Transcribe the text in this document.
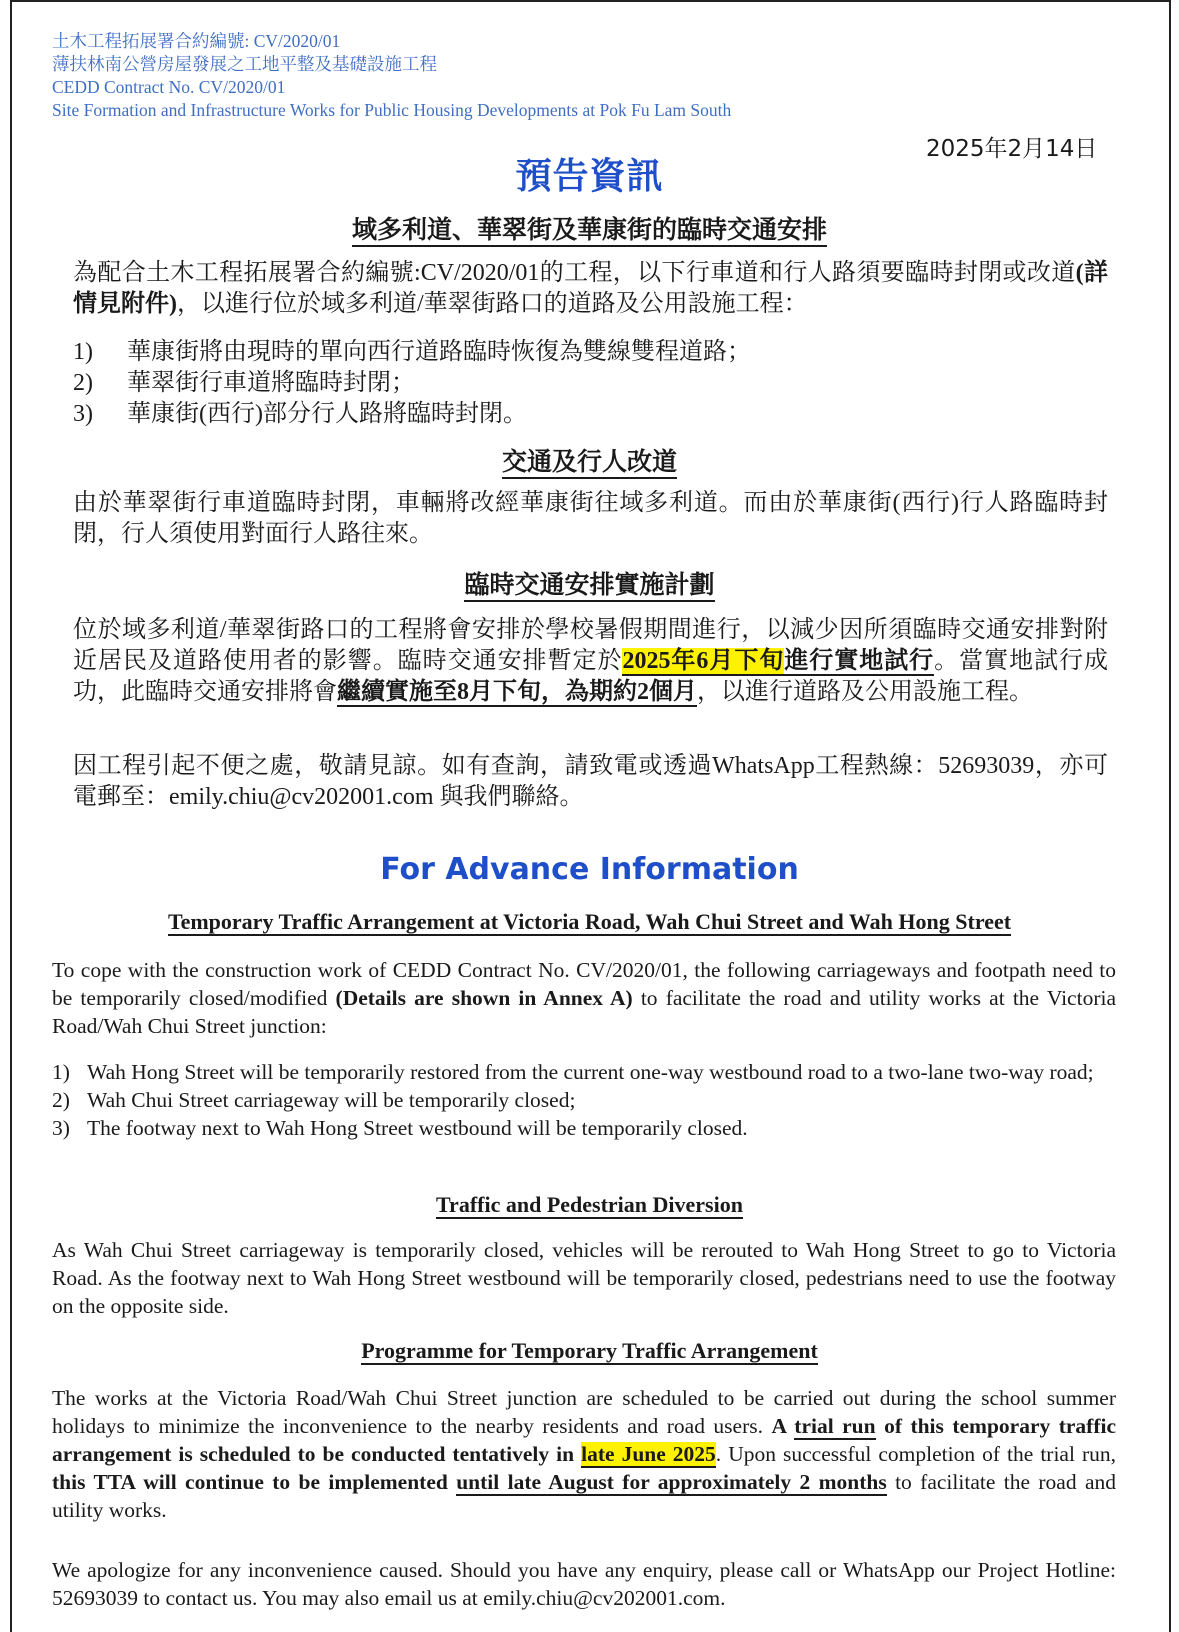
土木工程拓展署合約編號: CV/2020/01
薄扶林南公營房屋發展之工地平整及基礎設施工程
CEDD Contract No. CV/2020/01
Site Formation and Infrastructure Works for Public Housing Developments at Pok Fu Lam South
2025年2月14日
預告資訊
域多利道、華翠街及華康街的臨時交通安排
為配合土木工程拓展署合約編號:CV/2020/01的工程，以下行車道和行人路須要臨時封閉或改道(詳情見附件)，以進行位於域多利道/華翠街路口的道路及公用設施工程：
1)	華康街將由現時的單向西行道路臨時恢復為雙線雙程道路；
2)	華翠街行車道將臨時封閉；
3)	華康街(西行)部分行人路將臨時封閉。
交通及行人改道
由於華翠街行車道臨時封閉，車輛將改經華康街往域多利道。而由於華康街(西行)行人路臨時封閉，行人須使用對面行人路往來。
臨時交通安排實施計劃
位於域多利道/華翠街路口的工程將會安排於學校暑假期間進行，以減少因所須臨時交通安排對附近居民及道路使用者的影響。臨時交通安排暫定於2025年6月下旬進行實地試行。當實地試行成功，此臨時交通安排將會繼續實施至8月下旬，為期約2個月，以進行道路及公用設施工程。
因工程引起不便之處，敬請見諒。如有查詢，請致電或透過WhatsApp工程熱線：52693039，亦可電郵至：emily.chiu@cv202001.com 與我們聯絡。
For Advance Information
Temporary Traffic Arrangement at Victoria Road, Wah Chui Street and Wah Hong Street
To cope with the construction work of CEDD Contract No. CV/2020/01, the following carriageways and footpath need to be temporarily closed/modified (Details are shown in Annex A) to facilitate the road and utility works at the Victoria Road/Wah Chui Street junction:
1) Wah Hong Street will be temporarily restored from the current one-way westbound road to a two-lane two-way road;
2) Wah Chui Street carriageway will be temporarily closed;
3) The footway next to Wah Hong Street westbound will be temporarily closed.
Traffic and Pedestrian Diversion
As Wah Chui Street carriageway is temporarily closed, vehicles will be rerouted to Wah Hong Street to go to Victoria Road. As the footway next to Wah Hong Street westbound will be temporarily closed, pedestrians need to use the footway on the opposite side.
Programme for Temporary Traffic Arrangement
The works at the Victoria Road/Wah Chui Street junction are scheduled to be carried out during the school summer holidays to minimize the inconvenience to the nearby residents and road users. A trial run of this temporary traffic arrangement is scheduled to be conducted tentatively in late June 2025. Upon successful completion of the trial run, this TTA will continue to be implemented until late August for approximately 2 months to facilitate the road and utility works.
We apologize for any inconvenience caused. Should you have any enquiry, please call or WhatsApp our Project Hotline: 52693039 to contact us. You may also email us at emily.chiu@cv202001.com.
